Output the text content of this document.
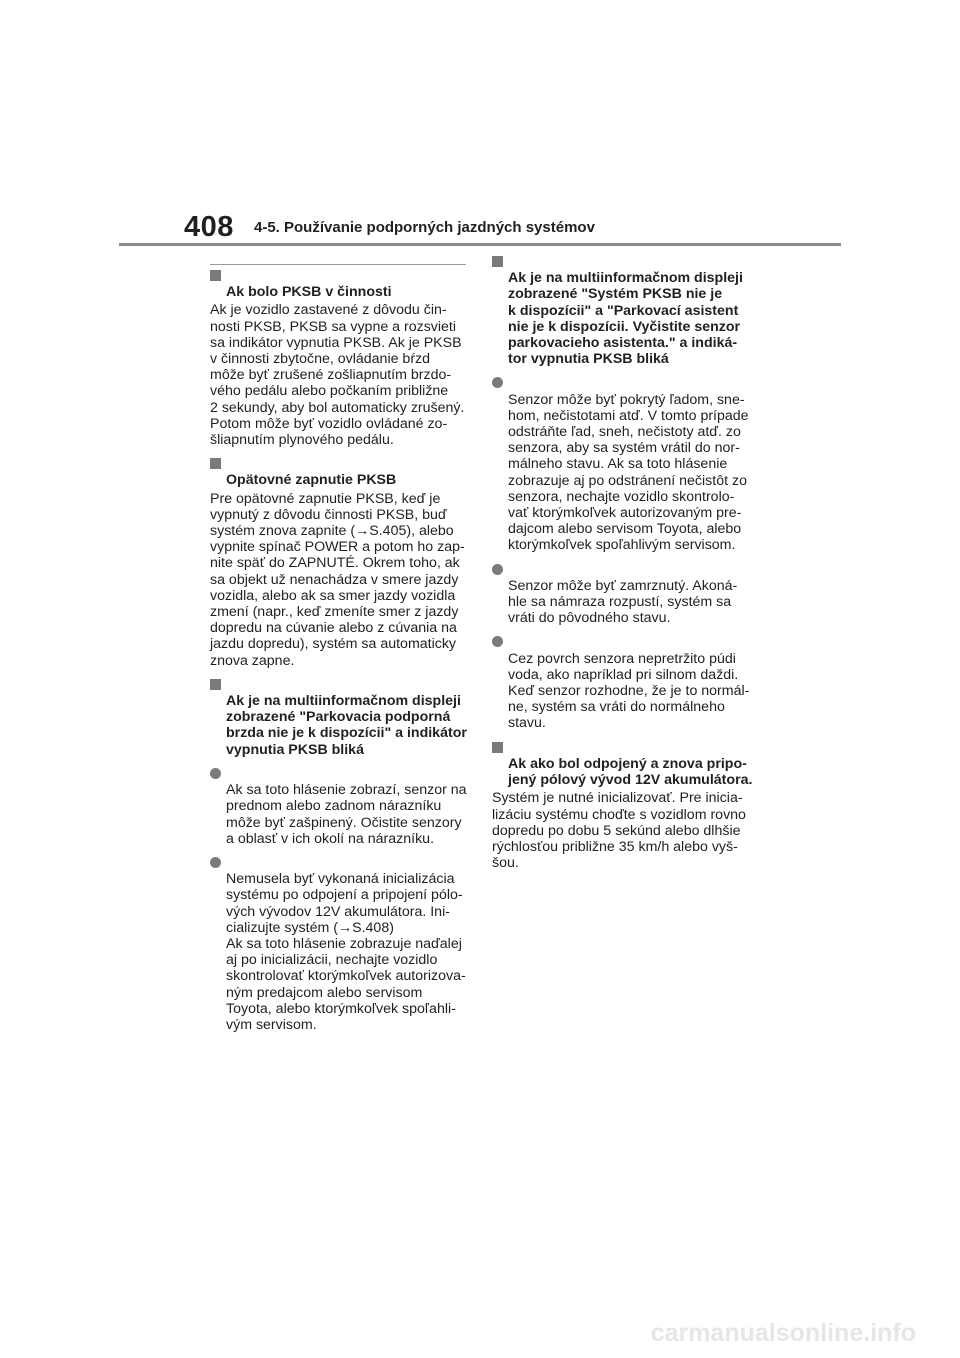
408 4-5. Používanie podporných jazdných systémov

Ak bolo PKSB v činnosti

Ak je vozidlo zastavené z dôvodu čin-
nosti PKSB, PKSB sa vypne a rozsvieti
sa indikátor vypnutia PKSB. Ak je PKSB
v činnosti zbytočne, ovládanie bŕzd
môže byť zrušené zošliapnutím brzdo-
vého pedálu alebo počkaním približne
2 sekundy, aby bol automaticky zrušený.
Potom môže byť vozidlo ovládané zo-
šliapnutím plynového pedálu.

Opätovné zapnutie PKSB

Pre opätovné zapnutie PKSB, keď je
vypnutý z dôvodu činnosti PKSB, buď
systém znova zapnite (→S.405), alebo
vypnite spínač POWER a potom ho zap-
nite späť do ZAPNUTÉ. Okrem toho, ak
sa objekt už nenachádza v smere jazdy
vozidla, alebo ak sa smer jazdy vozidla
zmení (napr., keď zmeníte smer z jazdy
dopredu na cúvanie alebo z cúvania na
jazdu dopredu), systém sa automaticky
znova zapne.

Ak je na multiinformačnom displeji
zobrazené "Parkovacia podporná
brzda nie je k dispozícii" a indikátor
vypnutia PKSB bliká

Ak sa toto hlásenie zobrazí, senzor na
prednom alebo zadnom nárazníku
môže byť zašpinený. Očistite senzory
a oblasť v ich okolí na nárazníku.

Nemusela byť vykonaná inicializácia
systému po odpojení a pripojení pólo-
vých vývodov 12V akumulátora. Ini-
cializujte systém (→S.408)
Ak sa toto hlásenie zobrazuje naďalej
aj po inicializácii, nechajte vozidlo
skontrolovať ktorýmkoľvek autorizova-
ným predajcom alebo servisom
Toyota, alebo ktorýmkoľvek spoľahli-
vým servisom.

Ak je na multiinformačnom displeji
zobrazené "Systém PKSB nie je
k dispozícii" a "Parkovací asistent
nie je k dispozícii. Vyčistite senzor
parkovacieho asistenta." a indiká-
tor vypnutia PKSB bliká

Senzor môže byť pokrytý ľadom, sne-
hom, nečistotami atď. V tomto prípade
odstráňte ľad, sneh, nečistoty atď. zo
senzora, aby sa systém vrátil do nor-
málneho stavu. Ak sa toto hlásenie
zobrazuje aj po odstránení nečistôt zo
senzora, nechajte vozidlo skontrolo-
vať ktorýmkoľvek autorizovaným pre-
dajcom alebo servisom Toyota, alebo
ktorýmkoľvek spoľahlivým servisom.

Senzor môže byť zamrznutý. Akoná-
hle sa námraza rozpustí, systém sa
vráti do pôvodného stavu.

Cez povrch senzora nepretržito púdi
voda, ako napríklad pri silnom daždi.
Keď senzor rozhodne, že je to normál-
ne, systém sa vráti do normálneho
stavu.

Ak ako bol odpojený a znova pripo-
jený pólový vývod 12V akumulátora.

Systém je nutné inicializovať. Pre inicia-
lizáciu systému choďte s vozidlom rovno
dopredu po dobu 5 sekúnd alebo dlhšie
rýchlosťou približne 35 km/h alebo vyš-
šou.
carmanualsonline.info
